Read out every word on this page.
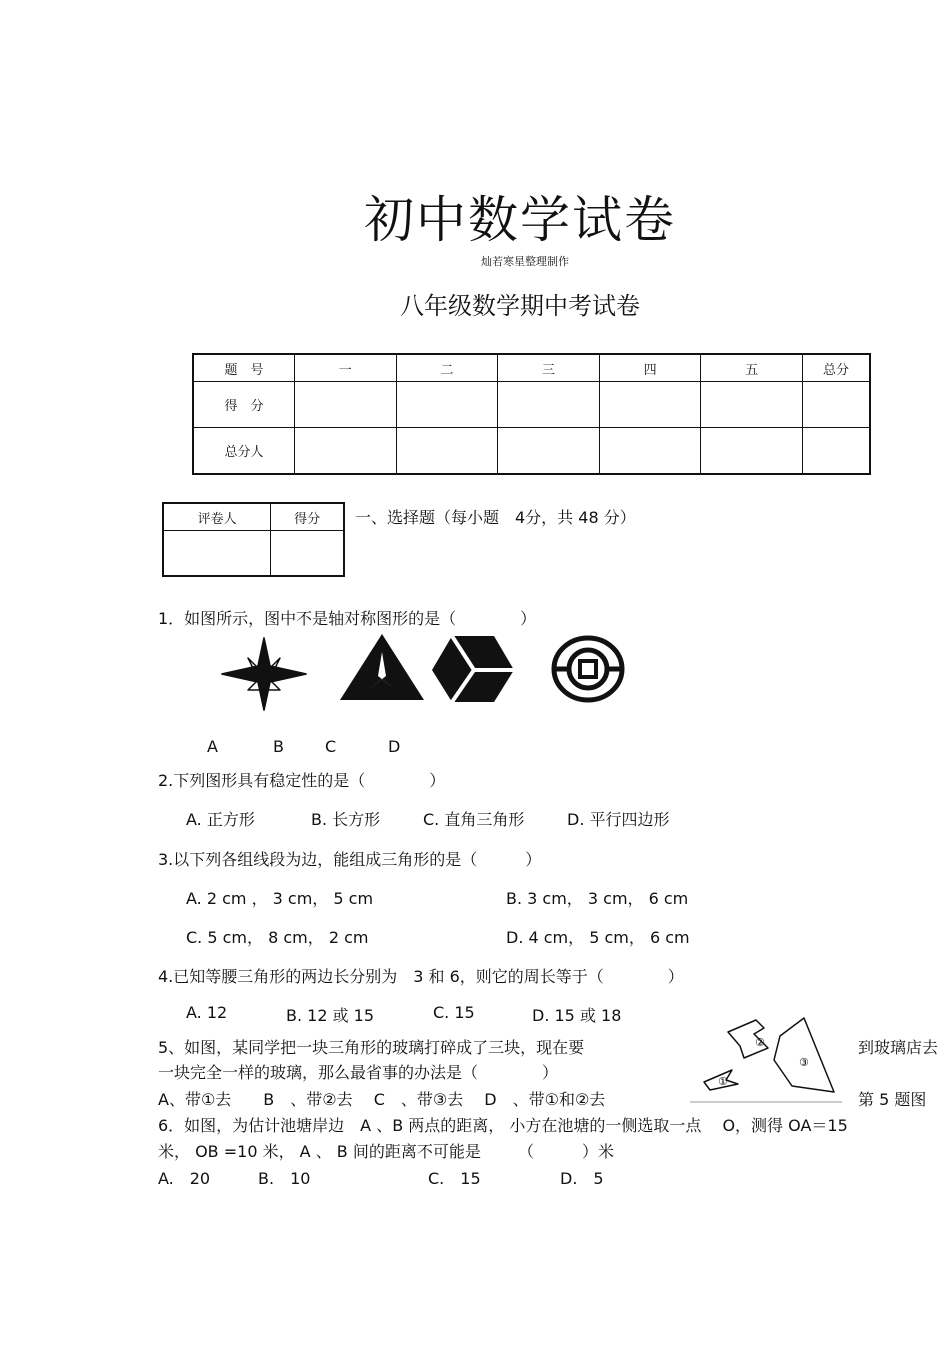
初中数学试卷
灿若寒星整理制作
八年级数学期中考试卷
题　号	一	二	三	四	五	总分
得　分						
总分人						
评卷人	得分
	一、选择题（每小题　4分，共 48 分）
1．如图所示，图中不是轴对称图形的是（　　　　）
A	B	C	D
2.下列图形具有稳定性的是（　　　　）
A. 正方形	B. 长方形	C. 直角三角形	D. 平行四边形
3.以下列各组线段为边，能组成三角形的是（　　　）
A. 2 cm ， 3 cm， 5 cm	B. 3 cm， 3 cm， 6 cm
C. 5 cm， 8 cm， 2 cm	D. 4 cm， 5 cm， 6 cm
4.已知等腰三角形的两边长分别为　3 和 6，则它的周长等于（　　　　）
A. 12	B. 12 或 15	C. 15	D. 15 或 18
5、如图，某同学把一块三角形的玻璃打碎成了三块，现在要	到玻璃店去
一块完全一样的玻璃，那么最省事的办法是（　　　　）
A、带①去　　B　、带②去　 C　、带③去　 D　、带①和②去	第 5 题图
①
②
③
6．如图，为估计池塘岸边　A 、B 两点的距离， 小方在池塘的一侧选取一点　 O，测得 OA＝15
米， OB =10 米， A 、 B 间的距离不可能是　　 （　　　）米
A.　20	B.　10	C.　15	D.　5
